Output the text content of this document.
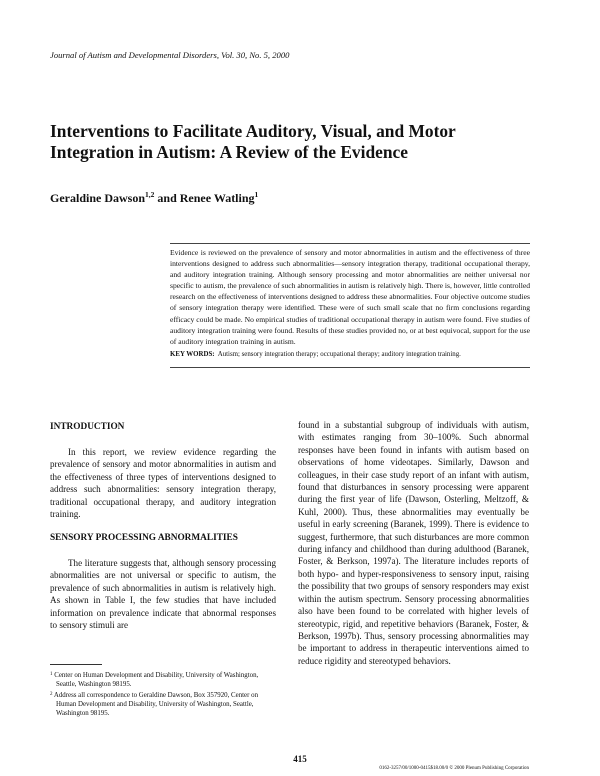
Journal of Autism and Developmental Disorders, Vol. 30, No. 5, 2000
Interventions to Facilitate Auditory, Visual, and Motor Integration in Autism: A Review of the Evidence
Geraldine Dawson$^{1,2}$ and Renee Watling$^1$
Evidence is reviewed on the prevalence of sensory and motor abnormalities in autism and the effectiveness of three interventions designed to address such abnormalities—sensory integration therapy, traditional occupational therapy, and auditory integration training. Although sensory processing and motor abnormalities are neither universal nor specific to autism, the prevalence of such abnormalities in autism is relatively high. There is, however, little controlled research on the effectiveness of interventions designed to address these abnormalities. Four objective outcome studies of sensory integration therapy were identified. These were of such small scale that no firm conclusions regarding efficacy could be made. No empirical studies of traditional occupational therapy in autism were found. Five studies of auditory integration training were found. Results of these studies provided no, or at best equivocal, support for the use of auditory integration training in autism.
KEY WORDS: Autism; sensory integration therapy; occupational therapy; auditory integration training.
INTRODUCTION

In this report, we review evidence regarding the prevalence of sensory and motor abnormalities in autism and the effectiveness of three types of interventions designed to address such abnormalities: sensory integration therapy, traditional occupational therapy, and auditory integration training.

SENSORY PROCESSING ABNORMALITIES

The literature suggests that, although sensory processing abnormalities are not universal or specific to autism, the prevalence of such abnormalities in autism is relatively high. As shown in Table I, the few studies that have included information on prevalence indicate that abnormal responses to sensory stimuli are

found in a substantial subgroup of individuals with autism, with estimates ranging from 30–100%. Such abnormal responses have been found in infants with autism based on observations of home videotapes. Similarly, Dawson and colleagues, in their case study report of an infant with autism, found that disturbances in sensory processing were apparent during the first year of life (Dawson, Osterling, Meltzoff, & Kuhl, 2000). Thus, these abnormalities may eventually be useful in early screening (Baranek, 1999). There is evidence to suggest, furthermore, that such disturbances are more common during infancy and childhood than during adulthood (Baranek, Foster, & Berkson, 1997a). The literature includes reports of both hypo- and hyper-responsiveness to sensory input, raising the possibility that two groups of sensory responders may exist within the autism spectrum. Sensory processing abnormalities also have been found to be correlated with higher levels of stereotypic, rigid, and repetitive behaviors (Baranek, Foster, & Berkson, 1997b). Thus, sensory processing abnormalities may be important to address in therapeutic interventions aimed to reduce rigidity and stereotyped behaviors.

$^1$ Center on Human Development and Disability, University of Washington, Seattle, Washington 98195.

$^2$ Address all correspondence to Geraldine Dawson, Box 357920, Center on Human Development and Disability, University of Washington, Seattle, Washington 98195.

415
0162-3257/00/1000-0415$18.00/0 © 2000 Plenum Publishing Corporation
